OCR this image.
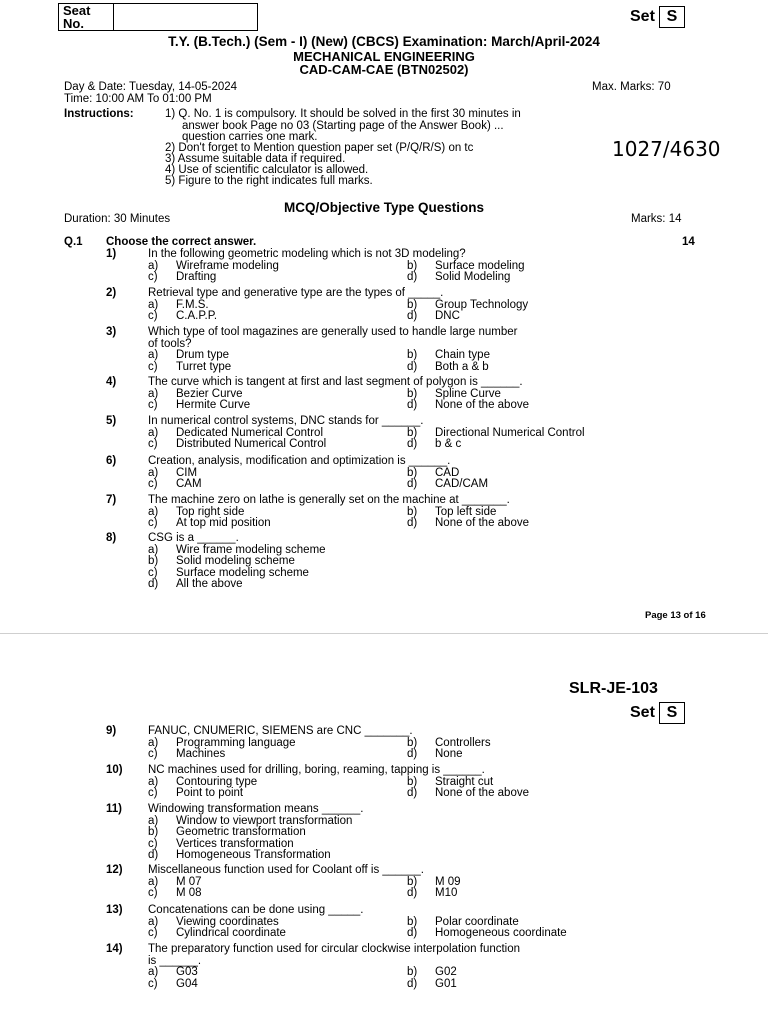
Seat
No.	Set S
T.Y. (B.Tech.) (Sem - I) (New) (CBCS) Examination: March/April-2024
MECHANICAL ENGINEERING
CAD-CAM-CAE (BTN02502)
Day & Date: Tuesday, 14-05-2024
Time: 10:00 AM To 01:00 PM
Max. Marks: 70
Instructions:	1) Q. No. 1 is compulsory. It should be solved in the first 30 minutes in
answer book Page no 03 (Starting page of the Answer Book) ...
question carries one mark.
2) Don't forget to Mention question paper set (P/Q/R/S) on tc
3) Assume suitable data if required.
4) Use of scientific calculator is allowed.
5) Figure to the right indicates full marks.
1027/4630
MCQ/Objective Type Questions
Duration: 30 Minutes	Marks: 14
Q.1 Choose the correct answer.	14
1)	In the following geometric modeling which is not 3D modeling?
a) Wireframe modeling	b) Surface modeling
c) Drafting	d) Solid Modeling
2)	Retrieval type and generative type are the types of _____.
a) F.M.S.	b) Group Technology
c) C.A.P.P.	d) DNC
3)	Which type of tool magazines are generally used to handle large number
of tools?
a) Drum type	b) Chain type
c) Turret type	d) Both a & b
4)	The curve which is tangent at first and last segment of polygon is ______.
a) Bezier Curve	b) Spline Curve
c) Hermite Curve	d) None of the above
5)	In numerical control systems, DNC stands for ______.
a) Dedicated Numerical Control	b) Directional Numerical Control
c) Distributed Numerical Control	d) b & c
6)	Creation, analysis, modification and optimization is ______.
a) CIM	b) CAD
c) CAM	d) CAD/CAM
7)	The machine zero on lathe is generally set on the machine at _______.
a) Top right side	b) Top left side
c) At top mid position	d) None of the above
8)	CSG is a ______.
a) Wire frame modeling scheme
b) Solid modeling scheme
c) Surface modeling scheme
d) All the above
Page 13 of 16
SLR-JE-103
Set S
9)	FANUC, CNUMERIC, SIEMENS are CNC _______.
a) Programming language	b) Controllers
c) Machines	d) None
10) NC machines used for drilling, boring, reaming, tapping is ______.
a) Contouring type	b) Straight cut
c) Point to point	d) None of the above
11) Windowing transformation means ______.
a) Window to viewport transformation
b) Geometric transformation
c) Vertices transformation
d) Homogeneous Transformation
12) Miscellaneous function used for Coolant off is ______.
a) M 07	b) M 09
c) M 08	d) M10
13) Concatenations can be done using _____.
a) Viewing coordinates	b) Polar coordinate
c) Cylindrical coordinate	d) Homogeneous coordinate
14) The preparatory function used for circular clockwise interpolation function
is ______.
a) G03	b) G02
c) G04	d) G01
